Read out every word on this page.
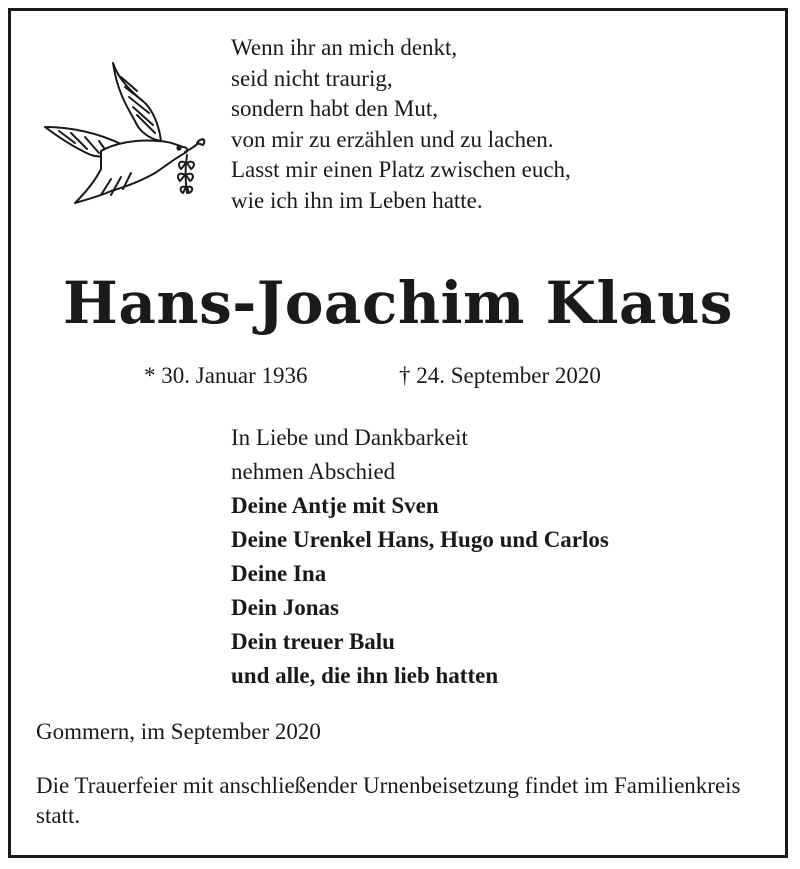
Wenn ihr an mich denkt,
seid nicht traurig,
sondern habt den Mut,
von mir zu erzählen und zu lachen.
Lasst mir einen Platz zwischen euch,
wie ich ihn im Leben hatte.
Hans-Joachim Klaus
* 30. Januar 1936	† 24. September 2020
In Liebe und Dankbarkeit
nehmen Abschied
Deine Antje mit Sven
Deine Urenkel Hans, Hugo und Carlos
Deine Ina
Dein Jonas
Dein treuer Balu
und alle, die ihn lieb hatten
Gommern, im September 2020
Die Trauerfeier mit anschließender Urnenbeisetzung findet im Familienkreis statt.
